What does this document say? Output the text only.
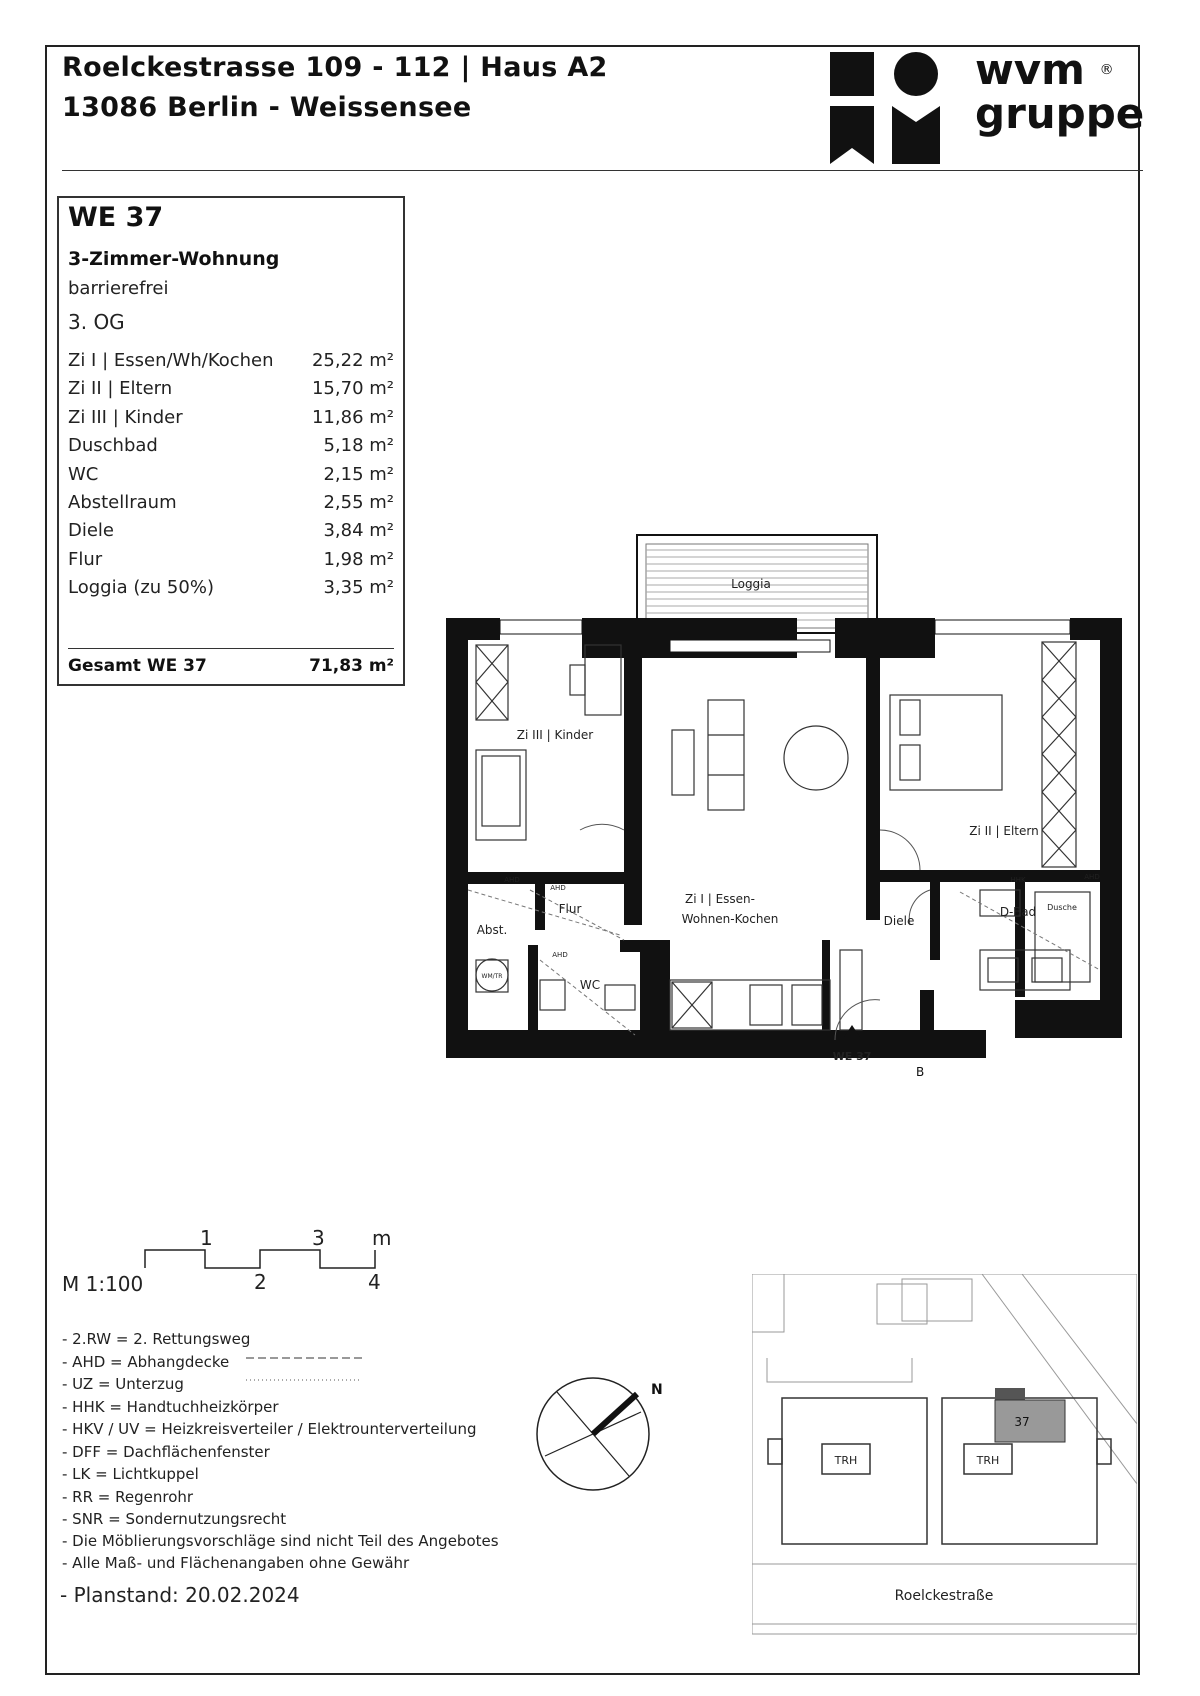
Roelckestrasse 109 - 112 | Haus A2
13086 Berlin - Weissensee
wvm ®
gruppe
WE 37
3-Zimmer-Wohnung
barrierefrei
3. OG
Zi I | Essen/Wh/Kochen 25,22 m²
Zi II | Eltern	15,70 m²
Zi III | Kinder	11,86 m²
Duschbad	5,18 m²
WC	2,15 m²
Abstellraum	2,55 m²
Diele	3,84 m²
Flur	1,98 m²
Loggia (zu 50%)	3,35 m²
Gesamt WE 37	71,83 m²
Loggia
Zi III | Kinder
Zi I | Essen-
Wohnen-Kochen
Zi II | Eltern
Flur
Abst.
WC
Diele
D-Bad Dusche
AHD
AHD
AHD
AHD
HHK
WM/TR
WE 37
B
1	3 m
2	4
M 1:100
- 2.RW = 2. Rettungsweg
- AHD = Abhangdecke
- UZ = Unterzug
- HHK = Handtuchheizkörper
- HKV / UV = Heizkreisverteiler / Elektrounterverteilung
- DFF = Dachflächenfenster
- LK = Lichtkuppel
- RR = Regenrohr
- SNR = Sondernutzungsrecht
- Die Möblierungsvorschläge sind nicht Teil des Angebotes
- Alle Maß- und Flächenangaben ohne Gewähr
- Planstand: 20.02.2024
N
37
TRH	TRH
Roelckestraße
